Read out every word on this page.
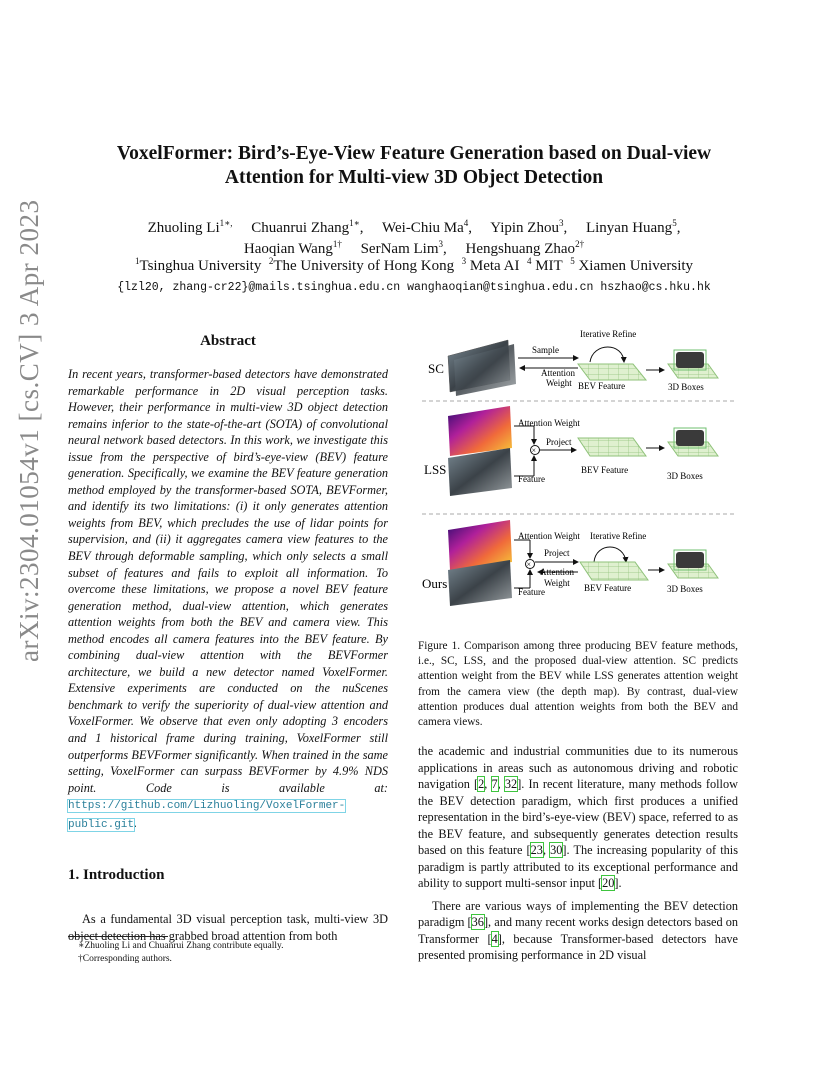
arXiv:2304.01054v1 [cs.CV] 3 Apr 2023
VoxelFormer: Bird’s-Eye-View Feature Generation based on Dual-view
Attention for Multi-view 3D Object Detection
Zhuoling $Li^{1∗,}$ Chuanrui Zhang$^{1∗}$, Wei-Chiu Ma$^4$, Yipin Zhou$^3$, Linyan Huang$^5$,
Haoqian Wang$^{1\dagger}$ SerNam Lim$^3$, Hengshuang Zhao$^{2\dagger}$
$^1$Tsinghua University $^2$The University of Hong Kong $^3$ Meta AI $^4$ MIT $^5$ Xiamen University
{lzl20, zhang-cr22}@mails.tsinghua.edu.cn wanghaoqian@tsinghua.edu.cn hszhao@cs.hku.hk
Abstract
In recent years, transformer-based detectors have demonstrated remarkable performance in 2D visual perception tasks. However, their performance in multi-view 3D object detection remains inferior to the state-of-the-art (SOTA) of convolutional neural network based detectors. In this work, we investigate this issue from the perspective of bird’s-eye-view (BEV) feature generation. Specifically, we examine the BEV feature generation method employed by the transformer-based SOTA, BEVFormer, and identify its two limitations: (i) it only generates attention weights from BEV, which precludes the use of lidar points for supervision, and (ii) it aggregates camera view features to the BEV through deformable sampling, which only selects a small subset of features and fails to exploit all information. To overcome these limitations, we propose a novel BEV feature generation method, dual-view attention, which generates attention weights from both the BEV and camera view. This method encodes all camera features into the BEV feature. By combining dual-view attention with the BEVFormer architecture, we build a new detector named VoxelFormer. Extensive experiments are conducted on the nuScenes benchmark to verify the superiority of dual-view attention and VoxelFormer. We observe that even only adopting 3 encoders and 1 historical frame during training, VoxelFormer still outperforms BEVFormer significantly. When trained in the same setting, VoxelFormer can surpass BEVFormer by 4.9% NDS point. Code is available at: https://github.com/Lizhuoling/VoxelFormer-public.git.
1. Introduction
As a fundamental 3D visual perception task, multi-view 3D object detection has grabbed broad attention from both
∗Zhuoling Li and Chuanrui Zhang contribute equally.
†Corresponding authors.
SC
Sample
Attention
Weight
Iterative Refine
BEV Feature	3D Boxes
LSS
Attention Weight
×
Feature
Project
BEV Feature
3D Boxes
Ours
Attention Weight Iterative Refine
×
Feature
Project
Attention
Weight BEV Feature	3D Boxes
Figure 1. Comparison among three producing BEV feature methods, i.e., SC, LSS, and the proposed dual-view attention. SC predicts attention weight from the BEV while LSS generates attention weight from the camera view (the depth map). By contrast, dual-view attention produces dual attention weights from both the BEV and camera views.

the academic and industrial communities due to its numerous applications in areas such as autonomous driving and robotic navigation [2, 7, 32]. In recent literature, many methods follow the BEV detection paradigm, which first produces a unified representation in the bird’s-eye-view (BEV) space, referred to as the BEV feature, and subsequently generates detection results based on this feature [23, 30]. The increasing popularity of this paradigm is partly attributed to its exceptional performance and ability to support multi-sensor input [20].

There are various ways of implementing the BEV detection paradigm [36], and many recent works design detectors based on Transformer [4], because Transformer-based detectors have presented promising performance in 2D visual
